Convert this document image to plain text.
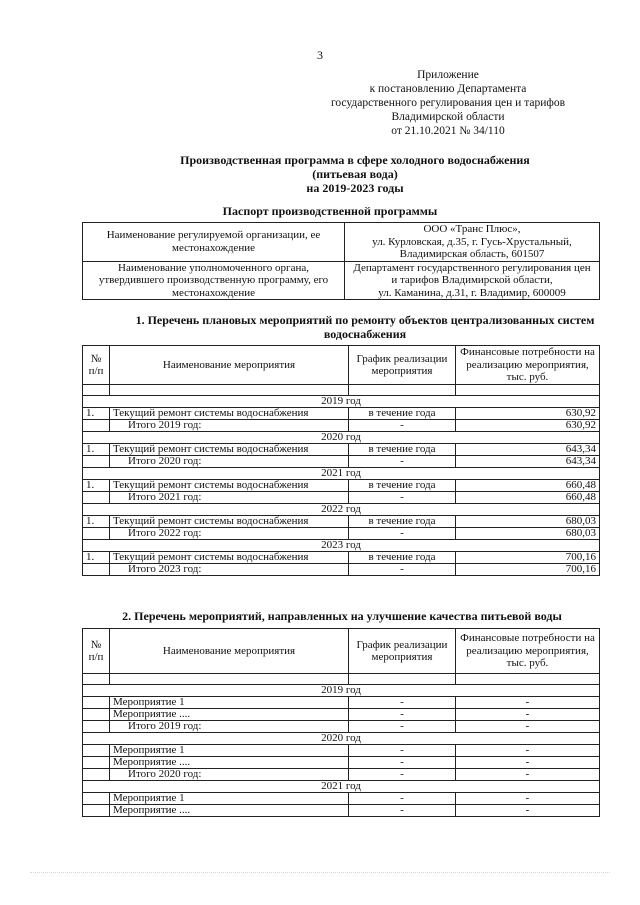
3
Приложение
к постановлению Департамента
государственного регулирования цен и тарифов
Владимирской области
от 21.10.2021 № 34/110
Производственная программа в сфере холодного водоснабжения
(питьевая вода)
на 2019-2023 годы
Паспорт производственной программы
Наименование регулируемой организации, ее местонахождение	ООО «Транс Плюс»,
ул. Курловская, д.35, г. Гусь-Хрустальный,
Владимирская область, 601507

Наименование уполномоченного органа, утвердившего производственную программу, его местонахождение	Департамент государственного регулирования цен
и тарифов Владимирской области,
ул. Каманина, д.31, г. Владимир, 600009
1. Перечень плановых мероприятий по ремонту объектов централизованных систем водоснабжения
№ п/п	Наименование мероприятия	График реализации мероприятия	Финансовые потребности на реализацию мероприятия, тыс. руб.

2019 год			
1.	Текущий ремонт системы водоснабжения	в течение года	630,92
	Итого 2019 год:	-	630,92
2020 год			
1.	Текущий ремонт системы водоснабжения	в течение года	643,34
	Итого 2020 год:	-	643,34
2021 год			
1.	Текущий ремонт системы водоснабжения	в течение года	660,48
	Итого 2021 год:	-	660,48
2022 год			
1.	Текущий ремонт системы водоснабжения	в течение года	680,03
	Итого 2022 год:	-	680,03
2023 год			
1.	Текущий ремонт системы водоснабжения	в течение года	700,16
	Итого 2023 год:	-	700,16
2. Перечень мероприятий, направленных на улучшение качества питьевой воды
№ п/п	Наименование мероприятия	График реализации мероприятия	Финансовые потребности на реализацию мероприятия, тыс. руб.

2019 год			
	Мероприятие 1	-	-
	Мероприятие ....	-	-
	Итого 2019 год:	-	-
2020 год			
	Мероприятие 1	-	-
	Мероприятие ....	-	-
	Итого 2020 год:	-	-
2021 год			
	Мероприятие 1	-	-
	Мероприятие ....	-	-
